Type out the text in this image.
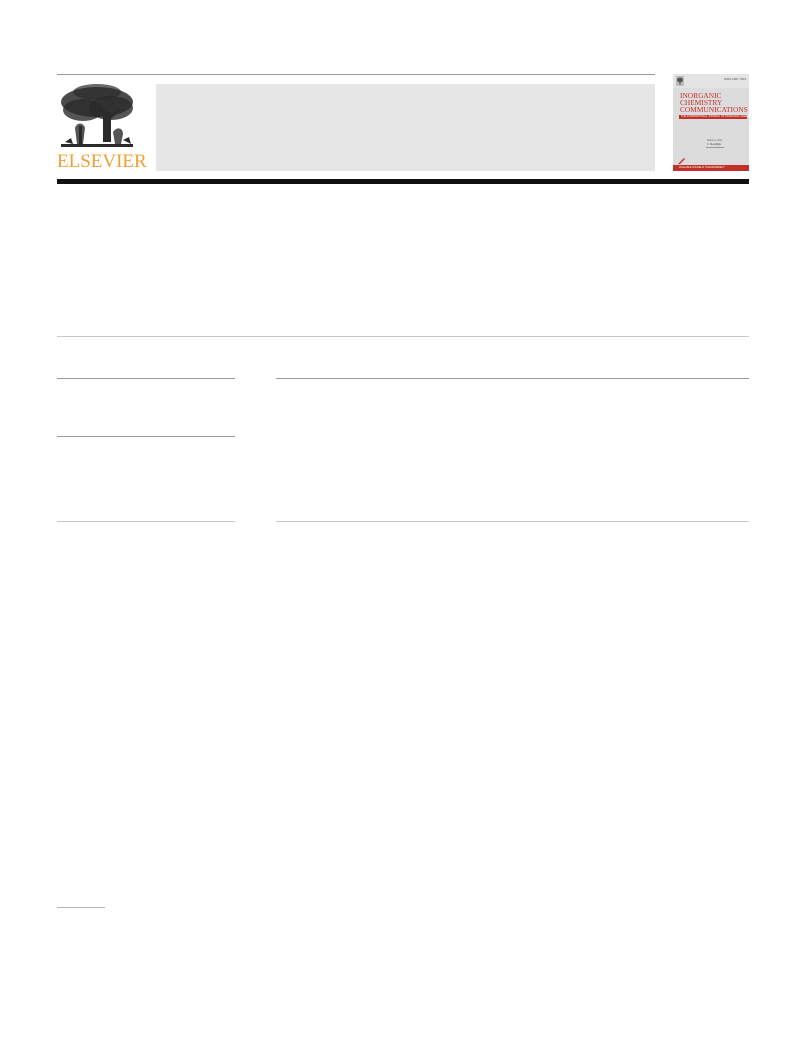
ELSEVIER
ISSN 1387-7003
INORGANIC
CHEMISTRY
COMMUNICATIONS
THE INTERNATIONAL JOURNAL OF INORGANIC CHEMISTRY
Editor-in-Chief
J. Reedijk
AVAILABLE ONLINE AT SCIENCEDIRECT
